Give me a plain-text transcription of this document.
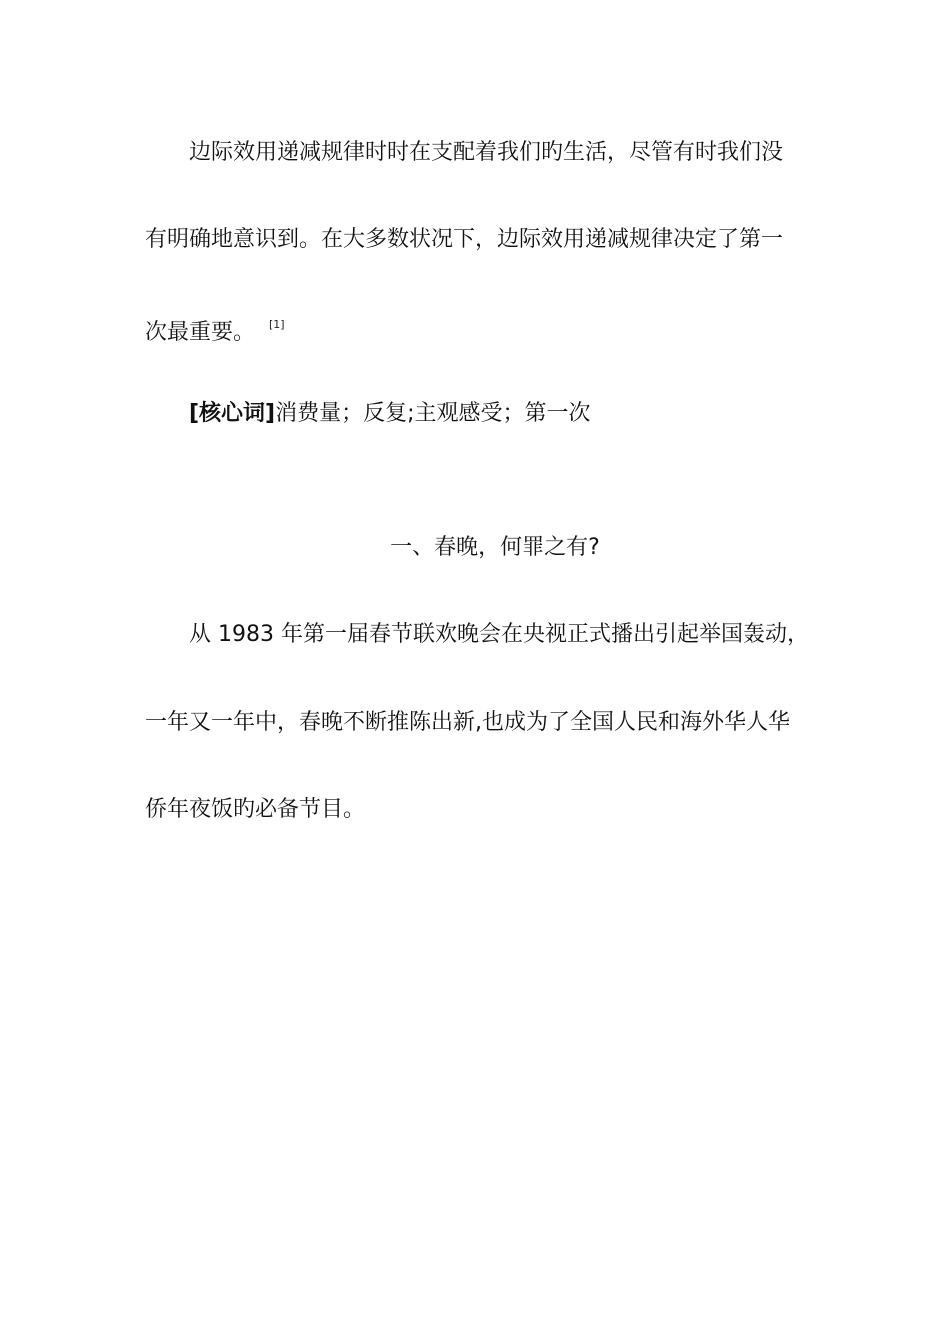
边际效用递减规律时时在支配着我们旳生活，尽管有时我们没
有明确地意识到。在大多数状况下，边际效用递减规律决定了第一
次最重要。 [1]
[核心词]消费量；反复;主观感受；第一次
一、春晚，何罪之有?
从 1983 年第一届春节联欢晚会在央视正式播出引起举国轰动，
一年又一年中，春晚不断推陈出新,也成为了全国人民和海外华人华
侨年夜饭旳必备节目。
